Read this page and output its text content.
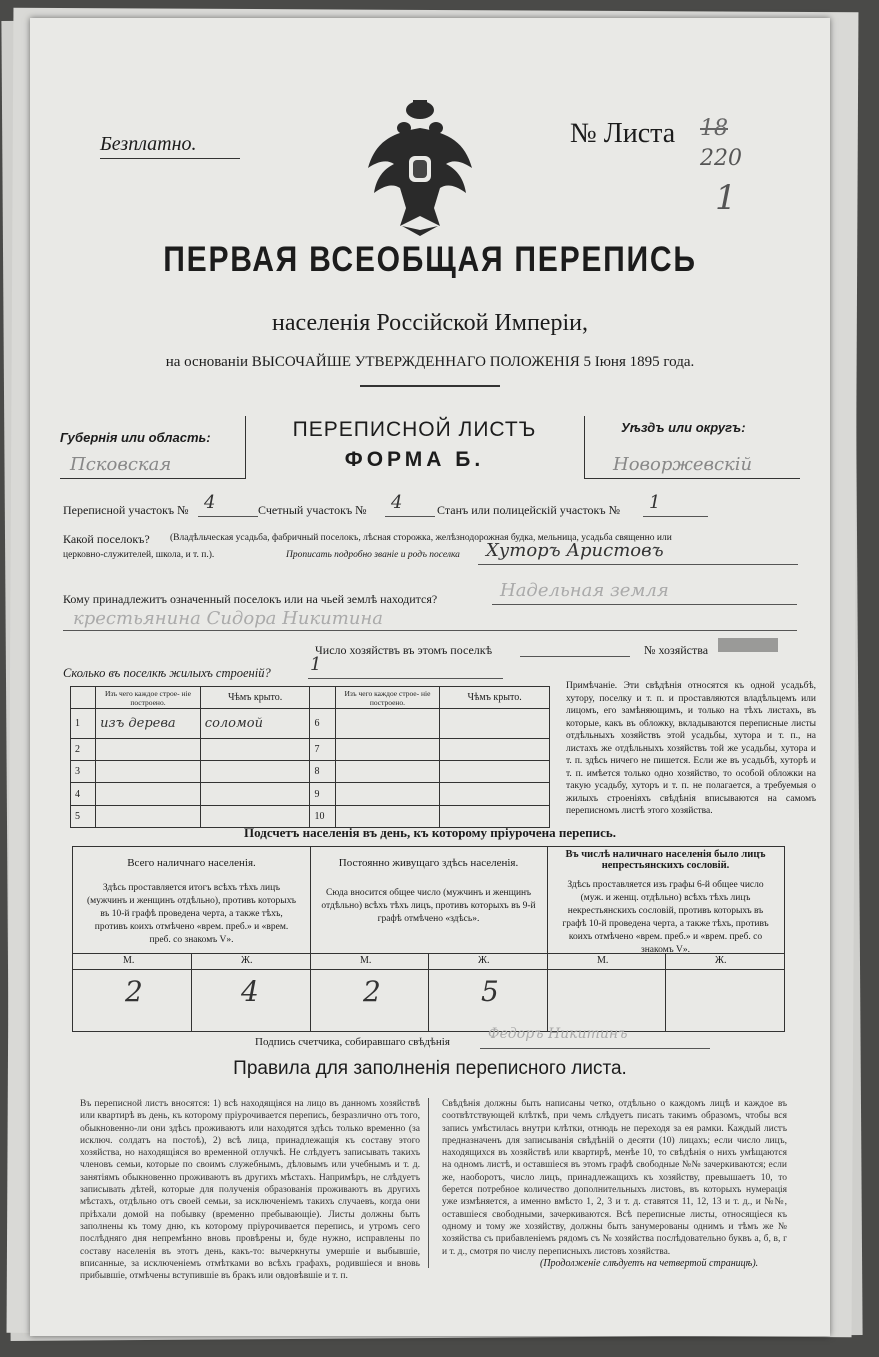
Безплатно.	№ Листа 18
220
1
ПЕРВАЯ ВСЕОБЩАЯ ПЕРЕПИСЬ
населенія Россійской Имперіи,
на основаніи ВЫСОЧАЙШЕ УТВЕРЖДЕННАГО ПОЛОЖЕНІЯ 5 Іюня 1895 года.
Губернія или область:
Псковская
ПЕРЕПИСНОЙ ЛИСТЪ
ФОРМА Б.
Уѣздъ или округъ:
Новоржевскій
Переписной участокъ № 4	Счетный участокъ № 4	Станъ или полицейскій участокъ № 1
Какой поселокъ? (Владѣльческая усадьба, фабричный поселокъ, лѣсная сторожка, желѣзнодорожная будка, мельница, усадьба священно или
церковно-служителей, школа, и т. п.).	Прописать подробно званіе и родъ поселка Хуторъ Аристовъ
Кому принадлежитъ означенный поселокъ или на чьей землѣ находится?	Надельная земля
крестьянина Сидора Никитина
Число хозяйствъ въ этомъ поселкѣ	№ хозяйства
Сколько въ поселкѣ жилыхъ строеній? 1
	Изъ чего каждое строе- ніе построено.	Чѣмъ крыто.		Изъ чего каждое строе- ніе построено.	Чѣмъ крыто.
1	изъ дерева	соломой	6		
2			7		
3			8		
4			9		
5			10		
Примѣчаніе. Эти свѣдѣнія относятся къ одной усадьбѣ, хутору, поселку и т. п. и проставляются владѣльцемъ или лицомъ, его замѣняющимъ, и только на тѣхъ листахъ, въ которые, какъ въ обложку, вкладываются переписные листы отдѣльныхъ хозяйствъ этой усадьбы, хутора и т. п., на листахъ же отдѣльныхъ хозяйствъ той же усадьбы, хутора и т. п. здѣсь ничего не пишется. Если же въ усадьбѣ, хуторѣ и т. п. имѣется только одно хозяйство, то особой обложки на такую усадьбу, хуторъ и т. п. не полагается, а требуемыя о жилыхъ строеніяхъ свѣдѣнія вписываются на самомъ переписномъ листѣ этого хозяйства.
Подсчетъ населенія въ день, къ которому пріурочена перепись.
Всего наличнаго населенія.
Здѣсь проставляется итогъ всѣхъ тѣхъ лицъ (мужчинъ и женщинъ отдѣльно), противъ которыхъ въ 10-й графѣ проведена черта, а также тѣхъ, противъ коихъ отмѣчено «врем. преб.» и «врем. преб. со знакомъ V».
Постоянно живущаго здѣсь населенія.
Сюда вносится общее число (мужчинъ и женщинъ отдѣльно) всѣхъ тѣхъ лицъ, противъ которыхъ въ 9-й графѣ отмѣчено «здѣсь».
Въ числѣ наличнаго населенія было лицъ непрестьянскихъ сословій.
Здѣсь проставляется изъ графы 6-й общее число (муж. и женщ. отдѣльно) всѣхъ тѣхъ лицъ некрестьянскихъ сословій, противъ которыхъ въ графѣ 10-й проведена черта, а также тѣхъ, противъ коихъ отмѣчено «врем. преб.» и «врем. преб. со знакомъ V».
М.	Ж.	М.	Ж.	М.	Ж.
2	4	2	5
Подпись счетчика, собиравшаго свѣдѣнія	Федоръ Никитинъ
Правила для заполненія переписного листа.
Въ переписной листъ вносятся: 1) всѣ находящіяся на лицо въ данномъ хозяйствѣ или квартирѣ въ день, къ которому пріурочивается перепись, безразлично отъ того, обыкновенно-ли они здѣсь проживаютъ или находятся здѣсь только временно (за исключ. солдатъ на постоѣ), 2) всѣ лица, принадлежащія къ составу этого хозяйства, но находящіяся во временной отлучкѣ. Не слѣдуетъ записывать такихъ членовъ семьи, которые по своимъ служебнымъ, дѣловымъ или учебнымъ и т. д. занятіямъ обыкновенно проживаютъ въ другихъ мѣстахъ. Напримѣръ, не слѣдуетъ записывать дѣтей, которые для полученія образованія проживаютъ въ другихъ мѣстахъ, отдѣльно отъ своей семьи, за исключеніемъ такихъ случаевъ, когда они пріѣхали домой на побывку (временно пребывающіе). Листы должны быть заполнены къ тому дню, къ которому пріурочивается перепись, и утромъ сего послѣдняго дня непремѣнно вновь провѣрены и, буде нужно, исправлены по составу населенія въ этотъ день, какъ-то: вычеркнуты умершіе и выбывшіе, вписанные, за исключеніемъ отмѣтками во всѣхъ графахъ, родившіеся и вновь прибывшіе, отмѣчены вступившіе въ бракъ или овдовѣвшіе и т. п.
Свѣдѣнія должны быть написаны четко, отдѣльно о каждомъ лицѣ и каждое въ соотвѣтствующей клѣткѣ, при чемъ слѣдуетъ писать такимъ образомъ, чтобы вся запись умѣстилась внутри клѣтки, отнюдь не переходя за ея рамки. Каждый листъ предназначенъ для записыванія свѣдѣній о десяти (10) лицахъ; если число лицъ, находящихся въ хозяйствѣ или квартирѣ, менѣе 10, то свѣдѣнія о нихъ умѣщаются на одномъ листѣ, и оставшіеся въ этомъ графѣ свободные №№ зачеркиваются; если же, наоборотъ, число лицъ, принадлежащихъ къ хозяйству, превышаетъ 10, то берется потребное количество дополнительныхъ листовъ, въ которыхъ нумерація уже измѣняется, а именно вмѣсто 1, 2, 3 и т. д. ставятся 11, 12, 13 и т. д., и №№, оставшіеся свободными, зачеркиваются. Всѣ переписные листы, относящіеся къ одному и тому же хозяйству, должны быть занумерованы однимъ и тѣмъ же № хозяйства съ прибавленіемъ рядомъ съ № хозяйства послѣдовательно буквъ а, б, в, г и т. д., смотря по числу переписныхъ листовъ хозяйства.
(Продолженіе слѣдуетъ на четвертой страницѣ).
